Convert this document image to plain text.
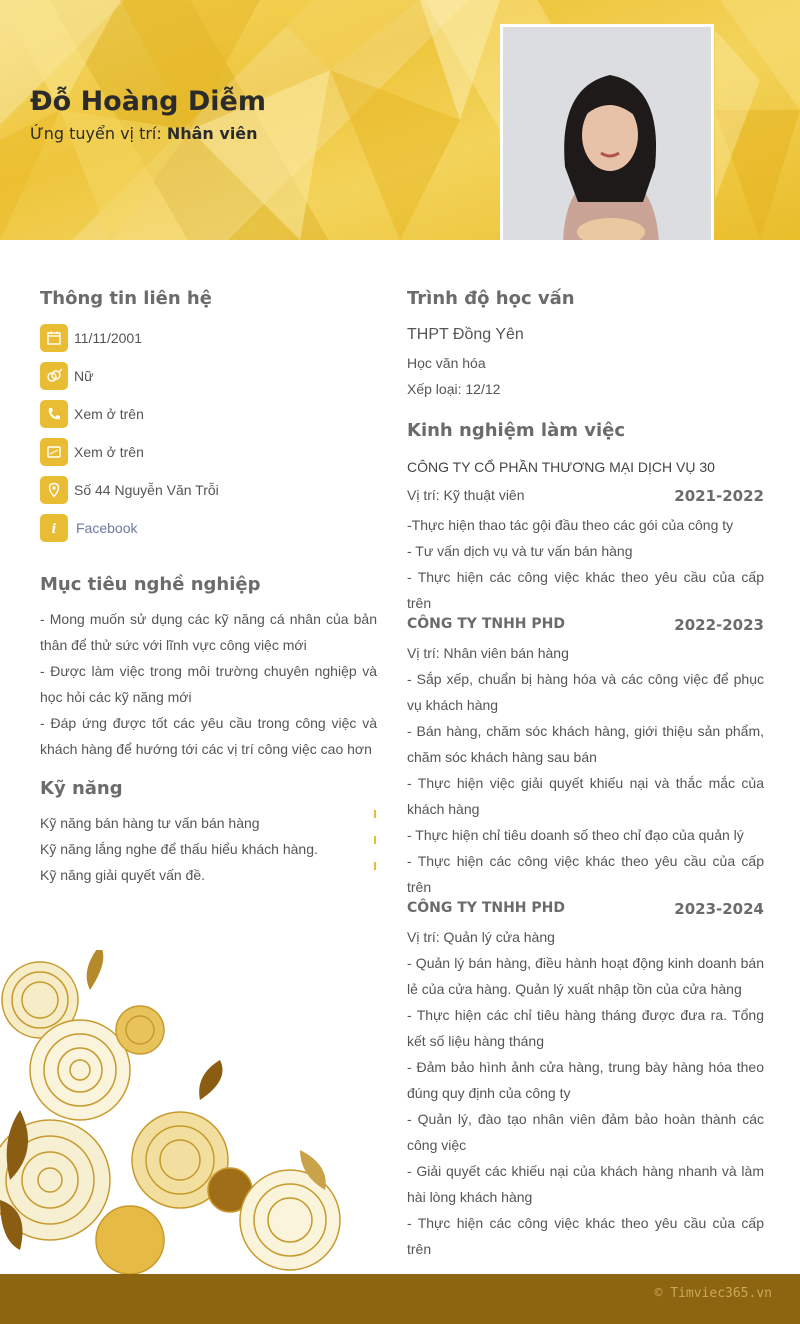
Đỗ Hoàng Diễm
Ứng tuyển vị trí: Nhân viên
Thông tin liên hệ
11/11/2001
Nữ
Xem ở trên
Xem ở trên
Số 44 Nguyễn Văn Trỗi
i Facebook
Mục tiêu nghề nghiệp

- Mong muốn sử dụng các kỹ năng cá nhân của bản thân để thử sức với lĩnh vực công việc mới

- Được làm việc trong môi trường chuyên nghiệp và học hỏi các kỹ năng mới

- Đáp ứng được tốt các yêu cầu trong công việc và khách hàng để hướng tới các vị trí công việc cao hơn

Kỹ năng
Kỹ năng bán hàng tư vấn bán hàng
Kỹ năng lắng nghe để thấu hiểu khách hàng.
Kỹ năng giải quyết vấn đề.
Trình độ học vấn
THPT Đồng Yên
Học văn hóa
Xếp loại: 12/12
Kinh nghiệm làm việc
CÔNG TY CỔ PHẦN THƯƠNG MẠI DỊCH VỤ 30
Vị trí: Kỹ thuật viên	2021-2022
-Thực hiện thao tác gội đầu theo các gói của công ty
- Tư vấn dịch vụ và tư vấn bán hàng
- Thực hiện các công việc khác theo yêu cầu của cấp trên
CÔNG TY TNHH PHD	2022-2023
Vị trí: Nhân viên bán hàng
- Sắp xếp, chuẩn bị hàng hóa và các công việc để phục vụ khách hàng
- Bán hàng, chăm sóc khách hàng, giới thiệu sản phẩm, chăm sóc khách hàng sau bán
- Thực hiện việc giải quyết khiếu nại và thắc mắc của khách hàng
- Thực hiện chỉ tiêu doanh số theo chỉ đạo của quản lý
- Thực hiện các công việc khác theo yêu cầu của cấp trên
CÔNG TY TNHH PHD	2023-2024
Vị trí: Quản lý cửa hàng
- Quản lý bán hàng, điều hành hoạt động kinh doanh bán lẻ của cửa hàng. Quản lý xuất nhập tồn của cửa hàng
- Thực hiện các chỉ tiêu hàng tháng được đưa ra. Tổng kết số liệu hàng tháng
- Đảm bảo hình ảnh cửa hàng, trung bày hàng hóa theo đúng quy định của công ty
- Quản lý, đào tạo nhân viên đảm bảo hoàn thành các công việc
- Giải quyết các khiếu nại của khách hàng nhanh và làm hài lòng khách hàng
- Thực hiện các công việc khác theo yêu cầu của cấp trên
© Timviec365.vn
